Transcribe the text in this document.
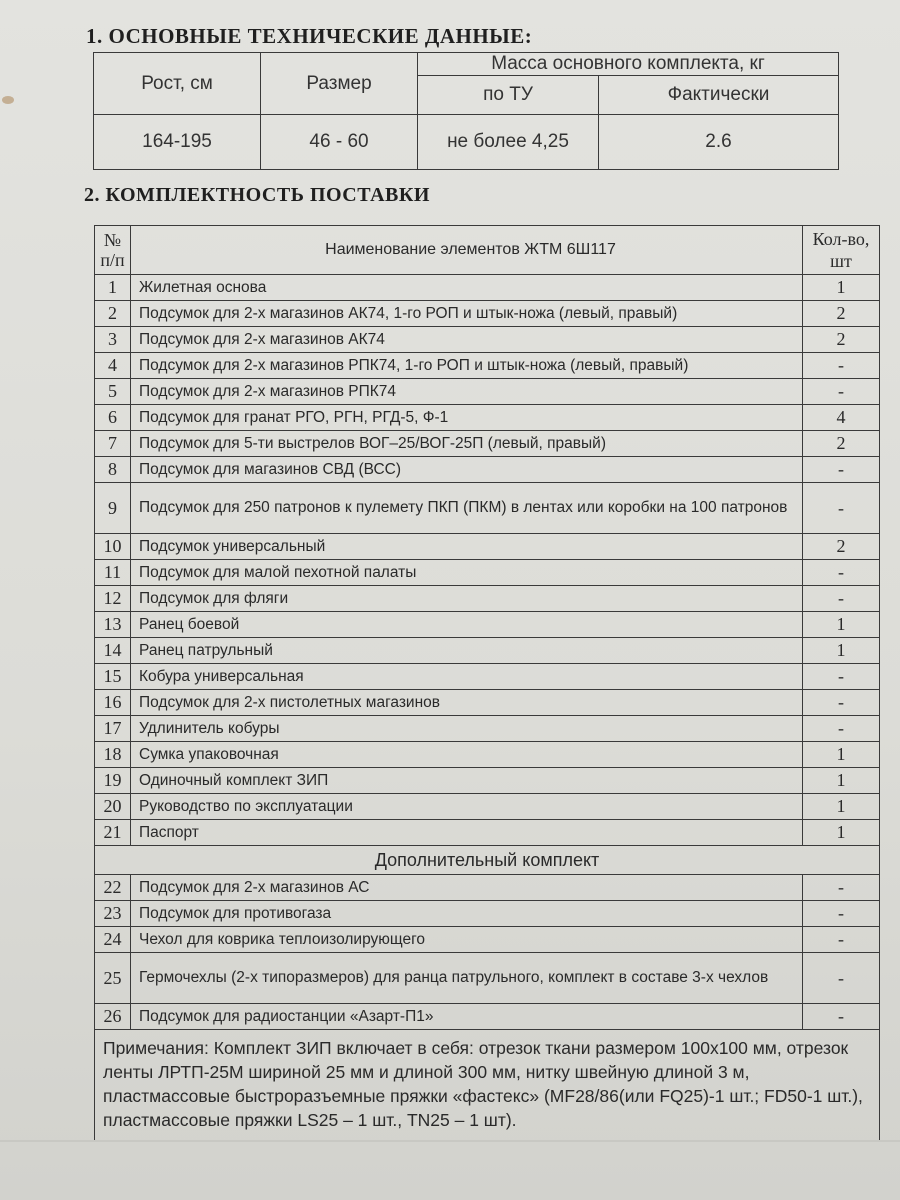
1. ОСНОВНЫЕ ТЕХНИЧЕСКИЕ ДАННЫЕ:
Рост, см	Размер	Масса основного комплекта, кг	
		по ТУ	Фактически
164-195	46 - 60	не более 4,25	2.6
2. КОМПЛЕКТНОСТЬ ПОСТАВКИ
№
п/п	Наименование элементов ЖТМ 6Ш117	Кол-во,
шт
1	Жилетная основа	1
2	Подсумок для 2-х магазинов АК74, 1-го РОП и штык-ножа (левый, правый)	2
3	Подсумок для 2-х магазинов АК74	2
4	Подсумок для 2-х магазинов РПК74, 1-го РОП и штык-ножа (левый, правый)	-
5	Подсумок для 2-х магазинов РПК74	-
6	Подсумок для гранат РГО, РГН, РГД-5, Ф-1	4
7	Подсумок для 5-ти выстрелов ВОГ–25/ВОГ-25П (левый, правый)	2
8	Подсумок для магазинов СВД (ВСС)	-
9	Подсумок для 250 патронов к пулемету ПКП (ПКМ) в лентах или коробки на 100 патронов	-
10	Подсумок универсальный	2
11	Подсумок для малой пехотной палаты	-
12	Подсумок для фляги	-
13	Ранец боевой	1
14	Ранец патрульный	1
15	Кобура универсальная	-
16	Подсумок для 2-х пистолетных магазинов	-
17	Удлинитель кобуры	-
18	Сумка упаковочная	1
19	Одиночный комплект ЗИП	1
20	Руководство по эксплуатации	1
21	Паспорт	1
Дополнительный комплект		
22	Подсумок для 2-х магазинов АС	-
23	Подсумок для противогаза	-
24	Чехол для коврика теплоизолирующего	-
25	Гермочехлы (2-х типоразмеров) для ранца патрульного, комплект в составе 3-х чехлов	-
26	Подсумок для радиостанции «Азарт-П1»	-
Примечания: Комплект ЗИП включает в себя: отрезок ткани размером 100х100 мм, отрезок ленты ЛРТП-25М шириной 25 мм и длиной 300 мм, нитку швейную длиной 3 м, пластмассовые быстроразъемные пряжки «фастекс» (MF28/86(или FQ25)-1 шт.; FD50-1 шт.), пластмассовые пряжки LS25 – 1 шт., TN25 – 1 шт).		
